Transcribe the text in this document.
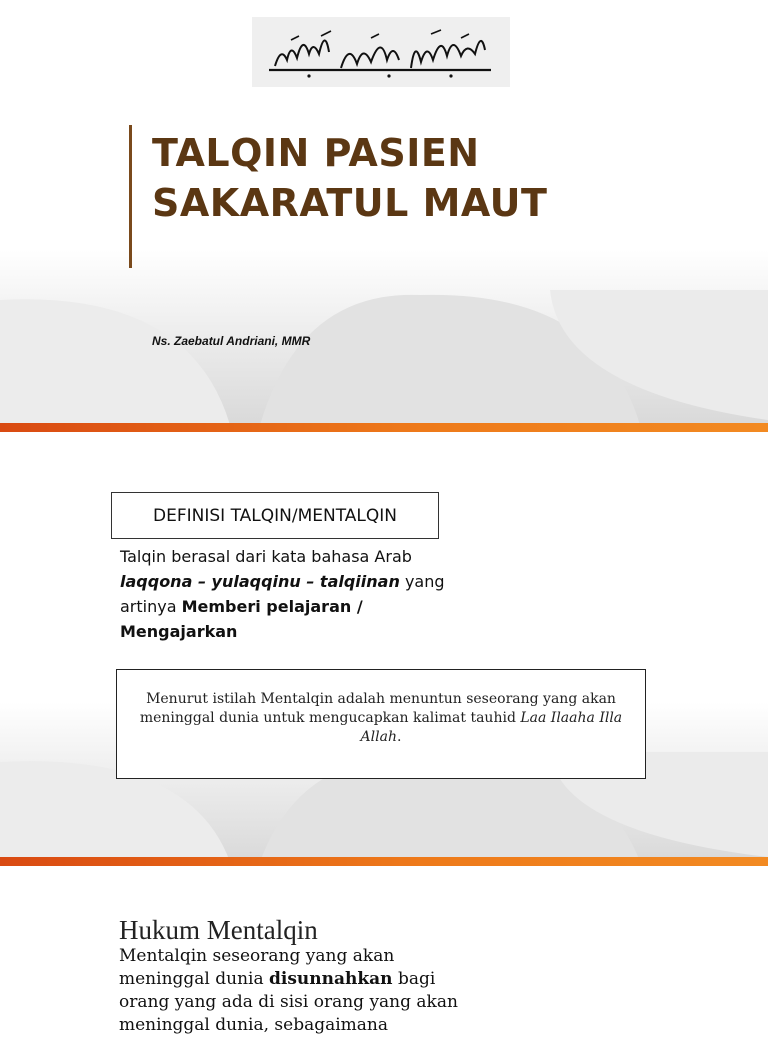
TALQIN PASIEN SAKARATUL MAUT
Ns. Zaebatul Andriani, MMR
DEFINISI TALQIN/MENTALQIN
Talqin berasal dari kata bahasa Arab
laqqona – yulaqqinu – talqiinan yang artinya Memberi pelajaran / Mengajarkan
Menurut istilah Mentalqin adalah menuntun seseorang yang akan meninggal dunia untuk mengucapkan kalimat tauhid Laa Ilaaha Illa Allah.
Hukum Mentalqin
Mentalqin seseorang yang akan meninggal dunia disunnahkan bagi orang yang ada di sisi orang yang akan meninggal dunia, sebagaimana
